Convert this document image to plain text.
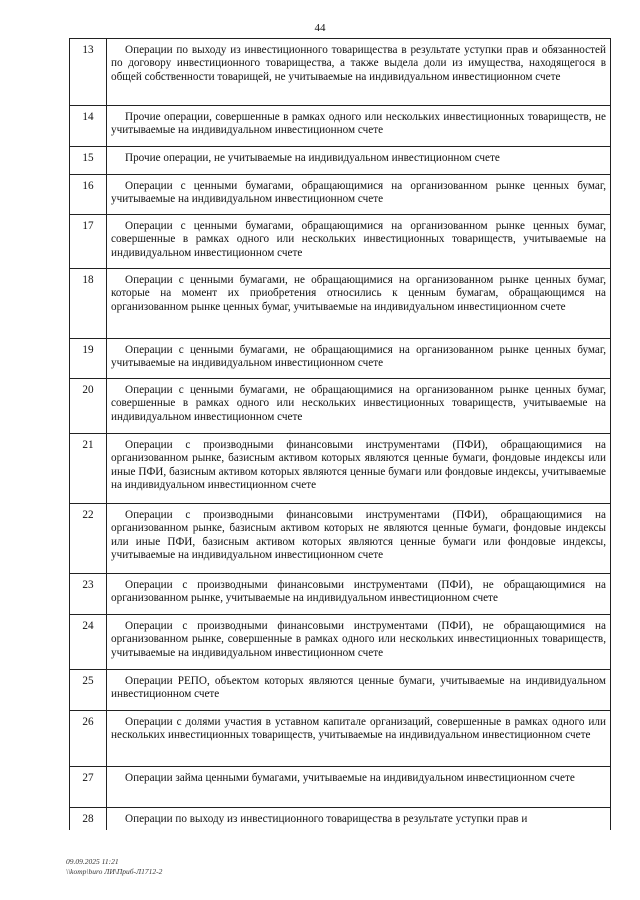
44
13	Операции по выходу из инвестиционного товарищества в результате уступки прав и обязанностей по договору инвестиционного товарищества, а также выдела доли из имущества, находящегося в общей собственности товарищей, не учитываемые на индивидуальном инвестиционном счете
14	Прочие операции, совершенные в рамках одного или нескольких инвестиционных товариществ, не учитываемые на индивидуальном инвестиционном счете
15	Прочие операции, не учитываемые на индивидуальном инвестиционном счете
16	Операции с ценными бумагами, обращающимися на организованном рынке ценных бумаг, учитываемые на индивидуальном инвестиционном счете
17	Операции с ценными бумагами, обращающимися на организованном рынке ценных бумаг, совершенные в рамках одного или нескольких инвестиционных товариществ, учитываемые на индивидуальном инвестиционном счете
18	Операции с ценными бумагами, не обращающимися на организованном рынке ценных бумаг, которые на момент их приобретения относились к ценным бумагам, обращающимся на организованном рынке ценных бумаг, учитываемые на индивидуальном инвестиционном счете
19	Операции с ценными бумагами, не обращающимися на организованном рынке ценных бумаг, учитываемые на индивидуальном инвестиционном счете
20	Операции с ценными бумагами, не обращающимися на организованном рынке ценных бумаг, совершенные в рамках одного или нескольких инвестиционных товариществ, учитываемые на индивидуальном инвестиционном счете
21	Операции с производными финансовыми инструментами (ПФИ), обращающимися на организованном рынке, базисным активом которых являются ценные бумаги, фондовые индексы или иные ПФИ, базисным активом которых являются ценные бумаги или фондовые индексы, учитываемые на индивидуальном инвестиционном счете
22	Операции с производными финансовыми инструментами (ПФИ), обращающимися на организованном рынке, базисным активом которых не являются ценные бумаги, фондовые индексы или иные ПФИ, базисным активом которых являются ценные бумаги или фондовые индексы, учитываемые на индивидуальном инвестиционном счете
23	Операции с производными финансовыми инструментами (ПФИ), не обращающимися на организованном рынке, учитываемые на индивидуальном инвестиционном счете
24	Операции с производными финансовыми инструментами (ПФИ), не обращающимися на организованном рынке, совершенные в рамках одного или нескольких инвестиционных товариществ, учитываемые на индивидуальном инвестиционном счете
25	Операции РЕПО, объектом которых являются ценные бумаги, учитываемые на индивидуальном инвестиционном счете
26	Операции с долями участия в уставном капитале организаций, совершенные в рамках одного или нескольких инвестиционных товариществ, учитываемые на индивидуальном инвестиционном счете
27	Операции займа ценными бумагами, учитываемые на индивидуальном инвестиционном счете
28	Операции по выходу из инвестиционного товарищества в результате уступки прав и
09.09.2025 11:21
\\komp\buro ЛИ\Приб-Л1712-2
